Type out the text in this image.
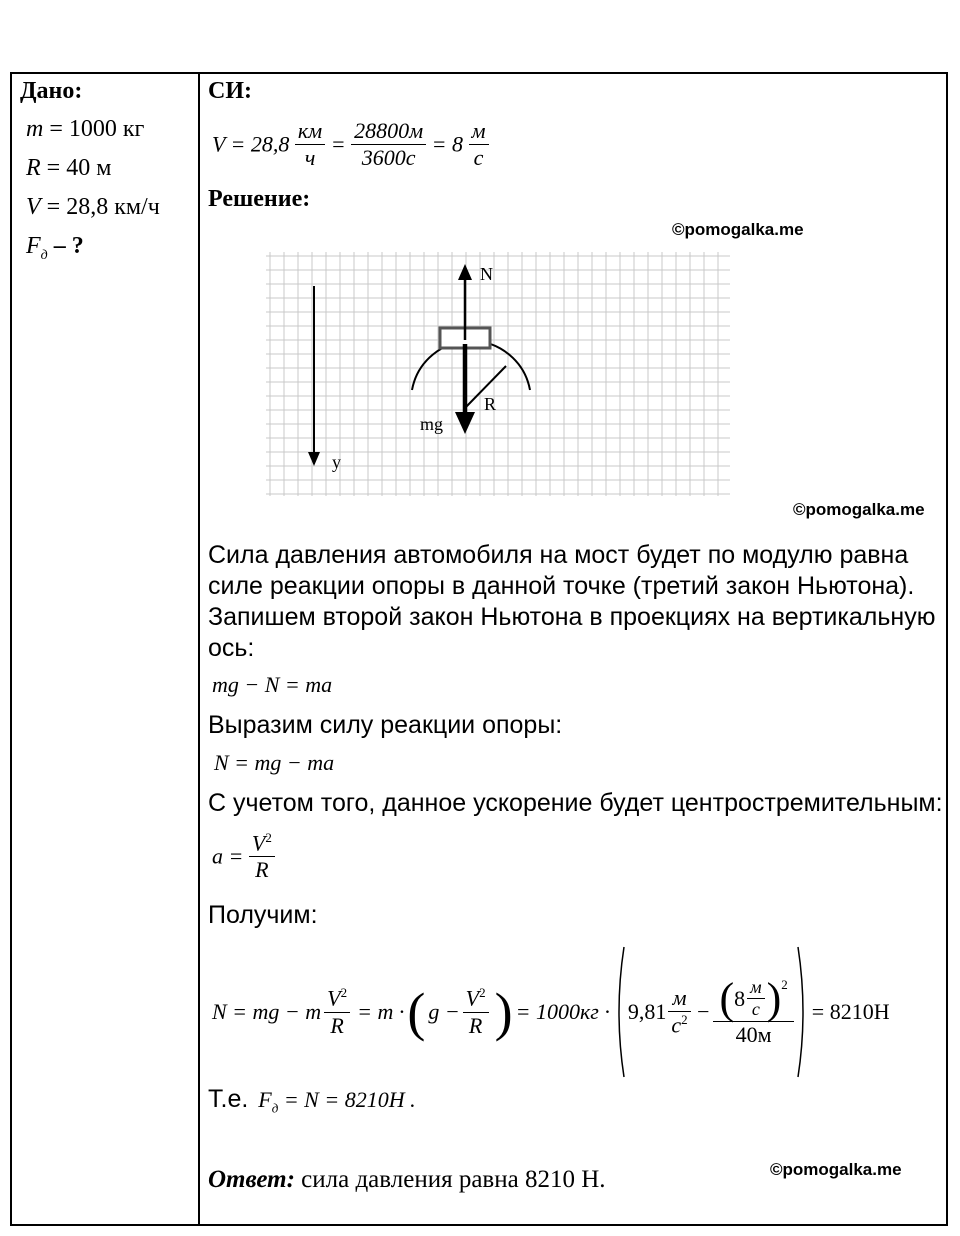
Дано:
m = 1000 кг
R = 40 м
V = 28,8 км/ч
$F_д$ – ?
СИ:
$V = 28,8 \frac{км}{ч} = \frac{28800м}{3600с} = 8 \frac{м}{с}$
Решение:
©pomogalka.me
y
N
mg
R
©pomogalka.me
Сила давления автомобиля на мост будет по модулю равна
силе реакции опоры в данной точке (третий закон Ньютона).
Запишем второй закон Ньютона в проекциях на вертикальную
ось:
mg − N = ma
Выразим силу реакции опоры:
N = mg − ma
С учетом того, данное ускорение будет центростремительным:
$a = \frac{V^2}{R}$
Получим:
N = mg − m $\frac{V^2}{R} = m$ · ( $g - \frac{V^2}{R}$ ) = $1000кг \cdot 9,81 \frac{м}{с^2} - \frac{( 8 \frac{м}{с} )^2}{40м} = 8210H$
Т.е. $F_д = N = 8210H$ .
©pomogalka.me
Ответ: сила давления равна 8210 Н.
